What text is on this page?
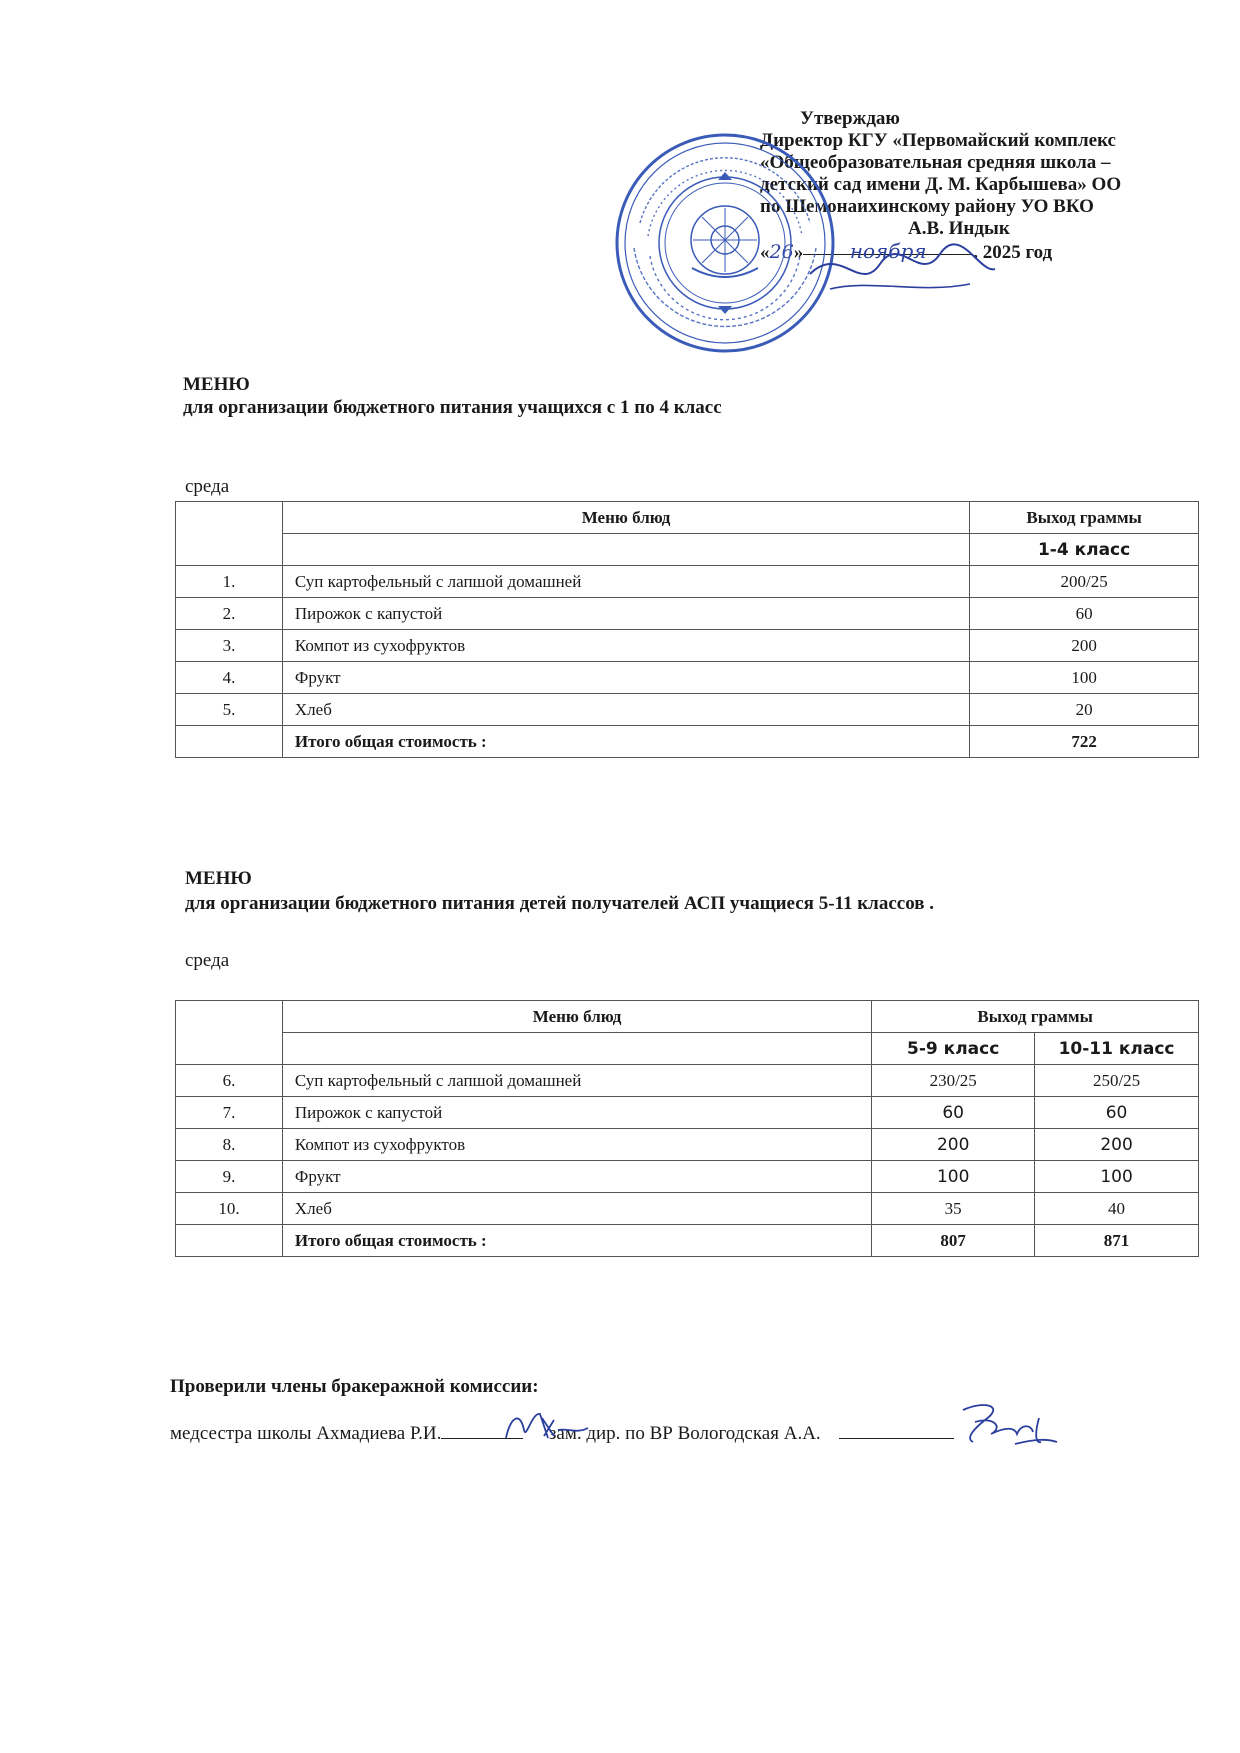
Утверждаю
Директор КГУ «Первомайский комплекс
«Общеобразовательная средняя школа –
детский сад имени Д. М. Карбышева» ОО
по Шемонаихинскому району УО ВКО
А.В. Индык
«26» ноября . 2025 год
МЕНЮ
для организации бюджетного питания учащихся с 1 по 4 класс
среда
	Меню блюд	Выход граммы
		1-4 класс
1.	Суп картофельный с лапшой домашней	200/25
2.	Пирожок с капустой	60
3.	Компот из сухофруктов	200
4.	Фрукт	100
5.	Хлеб	20
	Итого общая стоимость :	722
МЕНЮ
для организации бюджетного питания детей получателей АСП учащиеся 5-11 классов .
среда
	Меню блюд	Выход граммы	
		5-9 класс	10-11 класс
6.	Суп картофельный с лапшой домашней	230/25	250/25
7.	Пирожок с капустой	60	60
8.	Компот из сухофруктов	200	200
9.	Фрукт	100	100
10.	Хлеб	35	40
	Итого общая стоимость :	807	871
Проверили члены бракеражной комиссии:
медсестра школы Ахмадиева Р.И.	зам. дир. по ВР Вологодская А.А.
